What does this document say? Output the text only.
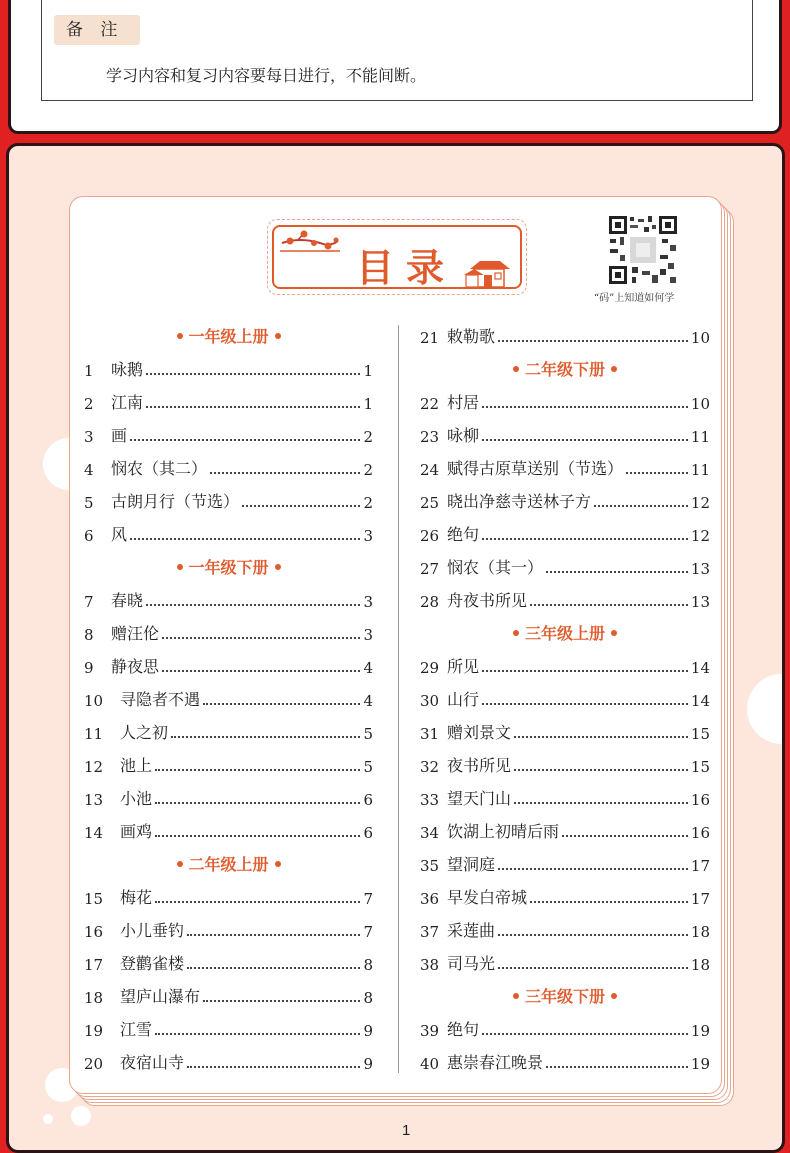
备 注
学习内容和复习内容要每日进行，不能间断。
目录
“码”上知道如何学
一年级上册
1	咏鹅	1
2	江南	1
3	画	2
4	悯农（其二）	2
5	古朗月行（节选）	2
6	风	3
一年级下册
7	春晓	3
8	赠汪伦	3
9	静夜思	4
10	寻隐者不遇	4
11	人之初	5
12	池上	5
13	小池	6
14	画鸡	6
二年级上册
15	梅花	7
16	小儿垂钓	7
17	登鹳雀楼	8
18	望庐山瀑布	8
19	江雪	9
20	夜宿山寺	9
21 敕勒歌	10
二年级下册
22 村居	10
23 咏柳	11
24 赋得古原草送别（节选）	11
25 晓出净慈寺送林子方	12
26 绝句	12
27 悯农（其一）	13
28 舟夜书所见	13
三年级上册
29 所见	14
30 山行	14
31 赠刘景文	15
32 夜书所见	15
33 望天门山	16
34 饮湖上初晴后雨	16
35 望洞庭	17
36 早发白帝城	17
37 采莲曲	18
38 司马光	18
三年级下册
39 绝句	19
40 惠崇春江晚景	19
1
